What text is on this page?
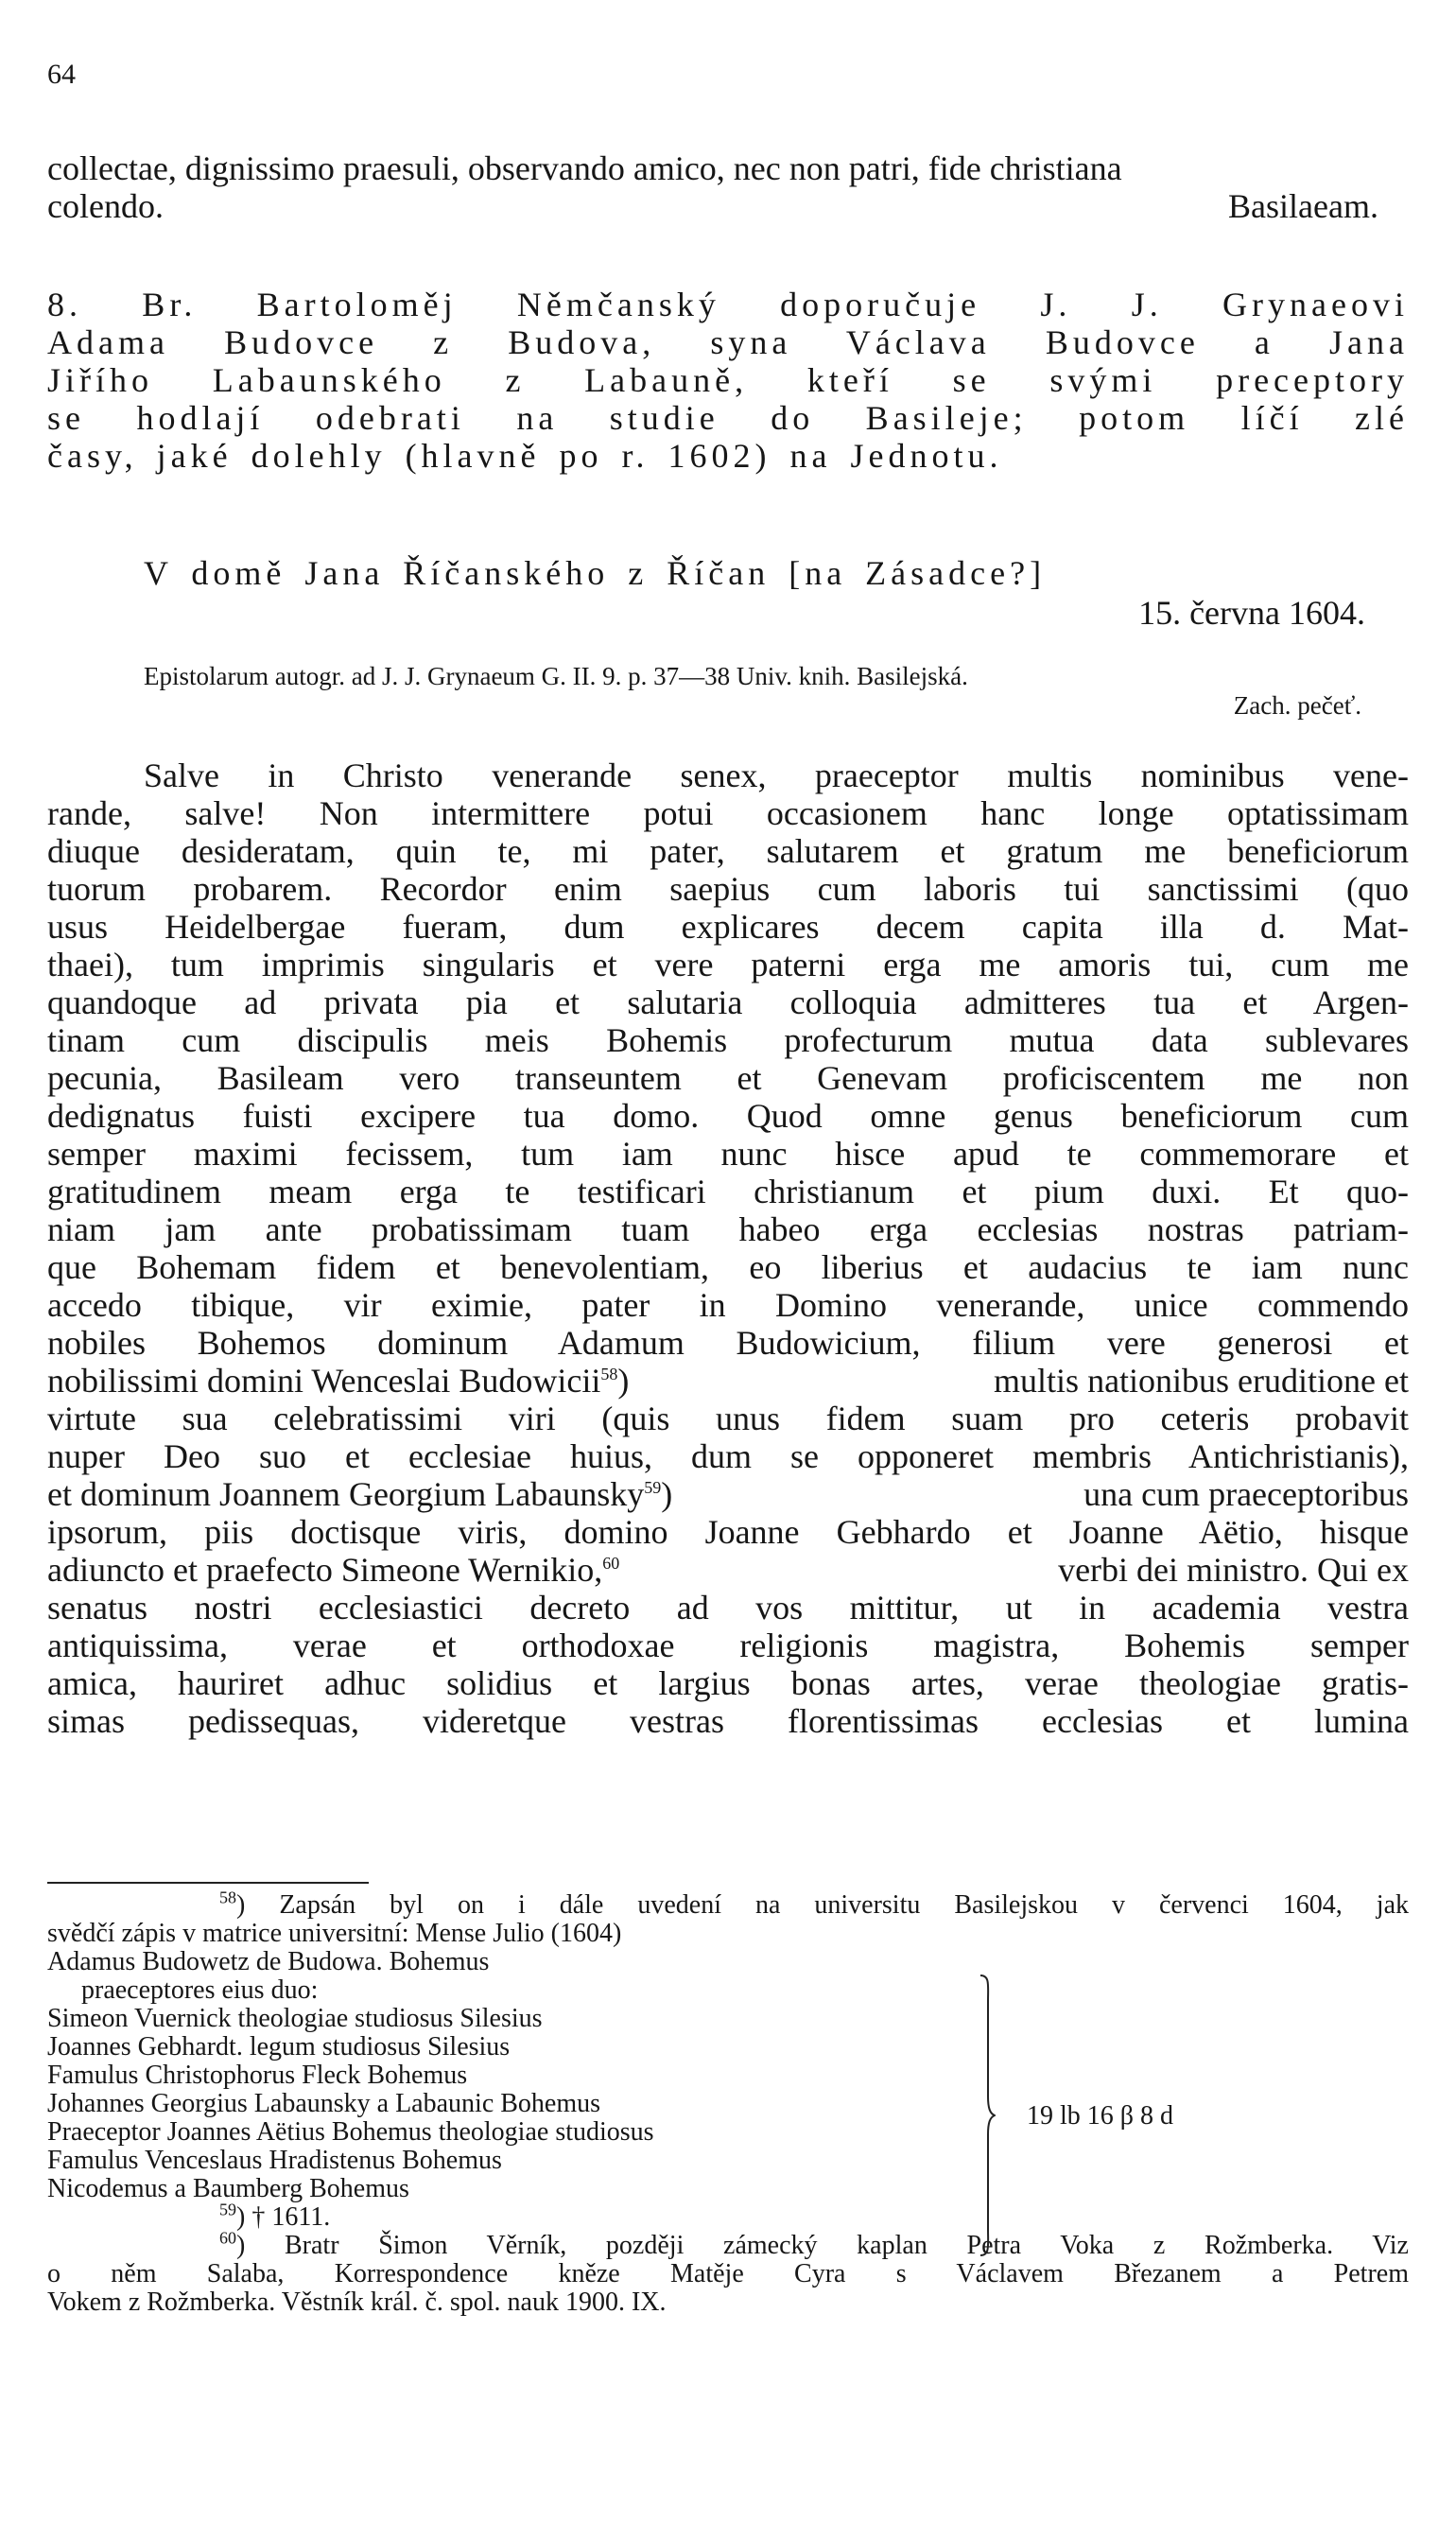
64
collectae, dignissimo praesuli, observando amico, nec non patri, fide christiana
colendo.	Basilaeam.
8. Br. Bartoloměj Němčanský doporučuje J. J. Grynaeovi
Adama Budovce z Budova, syna Václava Budovce a Jana
Jiřího Labaunského z Labauně, kteří se svými preceptory
se hodlají odebrati na studie do Basileje; potom líčí zlé
časy, jaké dolehly (hlavně po r. 1602) na Jednotu.
V domě Jana Říčanského z Říčan [na Zásadce?]
15. června 1604.
Epistolarum autogr. ad J. J. Grynaeum G. II. 9. p. 37—38 Univ. knih. Basilejská.
Zach. pečeť.
Salve in Christo venerande senex, praeceptor multis nominibus vene-
rande, salve! Non intermittere potui occasionem hanc longe optatissimam
diuque desideratam, quin te, mi pater, salutarem et gratum me beneficiorum
tuorum probarem. Recordor enim saepius cum laboris tui sanctissimi (quo
usus Heidelbergae fueram, dum explicares decem capita illa d. Mat-
thaei), tum imprimis singularis et vere paterni erga me amoris tui, cum me
quandoque ad privata pia et salutaria colloquia admitteres tua et Argen-
tinam cum discipulis meis Bohemis profecturum mutua data sublevares
pecunia, Basileam vero transeuntem et Genevam proficiscentem me non
dedignatus fuisti excipere tua domo. Quod omne genus beneficiorum cum
semper maximi fecissem, tum iam nunc hisce apud te commemorare et
gratitudinem meam erga te testificari christianum et pium duxi. Et quo-
niam jam ante probatissimam tuam habeo erga ecclesias nostras patriam-
que Bohemam fidem et benevolentiam, eo liberius et audacius te iam nunc
accedo tibique, vir eximie, pater in Domino venerande, unice commendo
nobiles Bohemos dominum Adamum Budowicium, filium vere generosi et
nobilissimi domini Wenceslai Budowicii$^{58}$)	multis nationibus eruditione et
virtute sua celebratissimi viri (quis unus fidem suam pro ceteris probavit
nuper Deo suo et ecclesiae huius, dum se opponeret membris Antichristianis),
et dominum Joannem Georgium Labaunsky$^{59}$)	una cum praeceptoribus
ipsorum, piis doctisque viris, domino Joanne Gebhardo et Joanne Aëtio, hisque
adiuncto et praefecto Simeone Wernikio,$^{60}$	verbi dei ministro. Qui ex
senatus nostri ecclesiastici decreto ad vos mittitur, ut in academia vestra
antiquissima, verae et orthodoxae religionis magistra, Bohemis semper
amica, hauriret adhuc solidius et largius bonas artes, verae theologiae gratis-
simas pedissequas, videretque vestras florentissimas ecclesias et lumina
$^{58}$) Zapsán byl on i dále uvedení na universitu Basilejskou v červenci 1604, jak
svědčí zápis v matrice universitní: Mense Julio (1604)
Adamus Budowetz de Budowa. Bohemus
praeceptores eius duo:
Simeon Vuernick theologiae studiosus Silesius
Joannes Gebhardt. legum studiosus Silesius
Famulus Christophorus Fleck Bohemus
Johannes Georgius Labaunsky a Labaunic Bohemus
Praeceptor Joannes Aëtius Bohemus theologiae studiosus
Famulus Venceslaus Hradistenus Bohemus
Nicodemus a Baumberg Bohemus
$^{59}$) † 1611.
$^{60}$) Bratr Šimon Věrník, později zámecký kaplan Petra Voka z Rožmberka. Viz
o něm Salaba, Korrespondence kněze Matěje Cyra s Václavem Březanem a Petrem
Vokem z Rožmberka. Věstník král. č. spol. nauk 1900. IX.
19 lb 16 β 8 d
